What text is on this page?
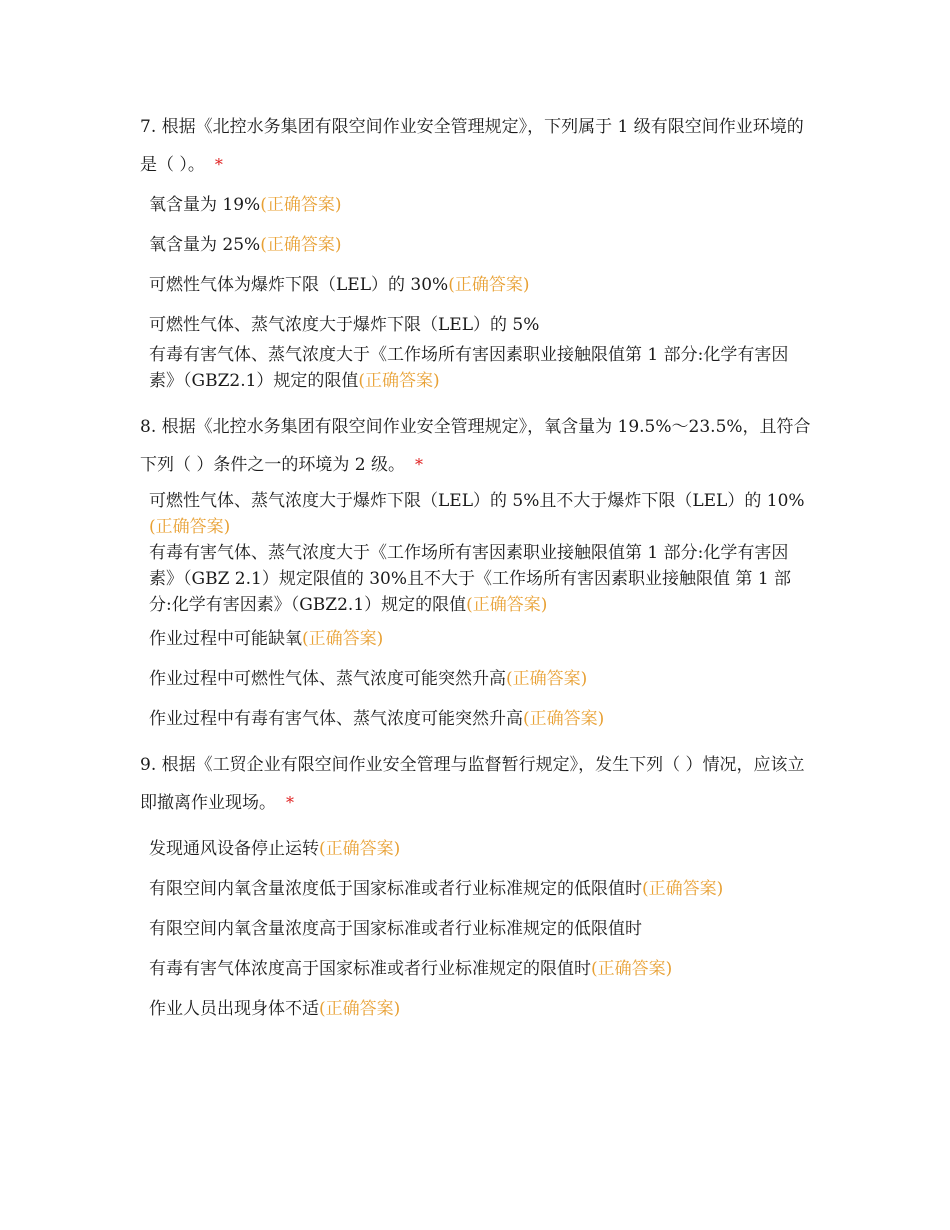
7. 根据《北控水务集团有限空间作业安全管理规定》，下列属于 1 级有限空间作业环境的是（ ）。 *

氧含量为 19%(正确答案)
氧含量为 25%(正确答案)
可燃性气体为爆炸下限（LEL）的 30%(正确答案)
可燃性气体、蒸气浓度大于爆炸下限（LEL）的 5%
有毒有害气体、蒸气浓度大于《工作场所有害因素职业接触限值第 1 部分:化学有害因素》（GBZ2.1）规定的限值(正确答案)

8. 根据《北控水务集团有限空间作业安全管理规定》，氧含量为 19.5%～23.5%，且符合下列（ ）条件之一的环境为 2 级。 *

可燃性气体、蒸气浓度大于爆炸下限（LEL）的 5%且不大于爆炸下限（LEL）的 10%(正确答案)
有毒有害气体、蒸气浓度大于《工作场所有害因素职业接触限值第 1 部分:化学有害因素》（GBZ 2.1）规定限值的 30%且不大于《工作场所有害因素职业接触限值 第 1 部分:化学有害因素》（GBZ2.1）规定的限值(正确答案)
作业过程中可能缺氧(正确答案)
作业过程中可燃性气体、蒸气浓度可能突然升高(正确答案)
作业过程中有毒有害气体、蒸气浓度可能突然升高(正确答案)

9. 根据《工贸企业有限空间作业安全管理与监督暂行规定》，发生下列（ ）情况，应该立即撤离作业现场。 *

发现通风设备停止运转(正确答案)
有限空间内氧含量浓度低于国家标准或者行业标准规定的低限值时(正确答案)
有限空间内氧含量浓度高于国家标准或者行业标准规定的低限值时
有毒有害气体浓度高于国家标准或者行业标准规定的限值时(正确答案)
作业人员出现身体不适(正确答案)
